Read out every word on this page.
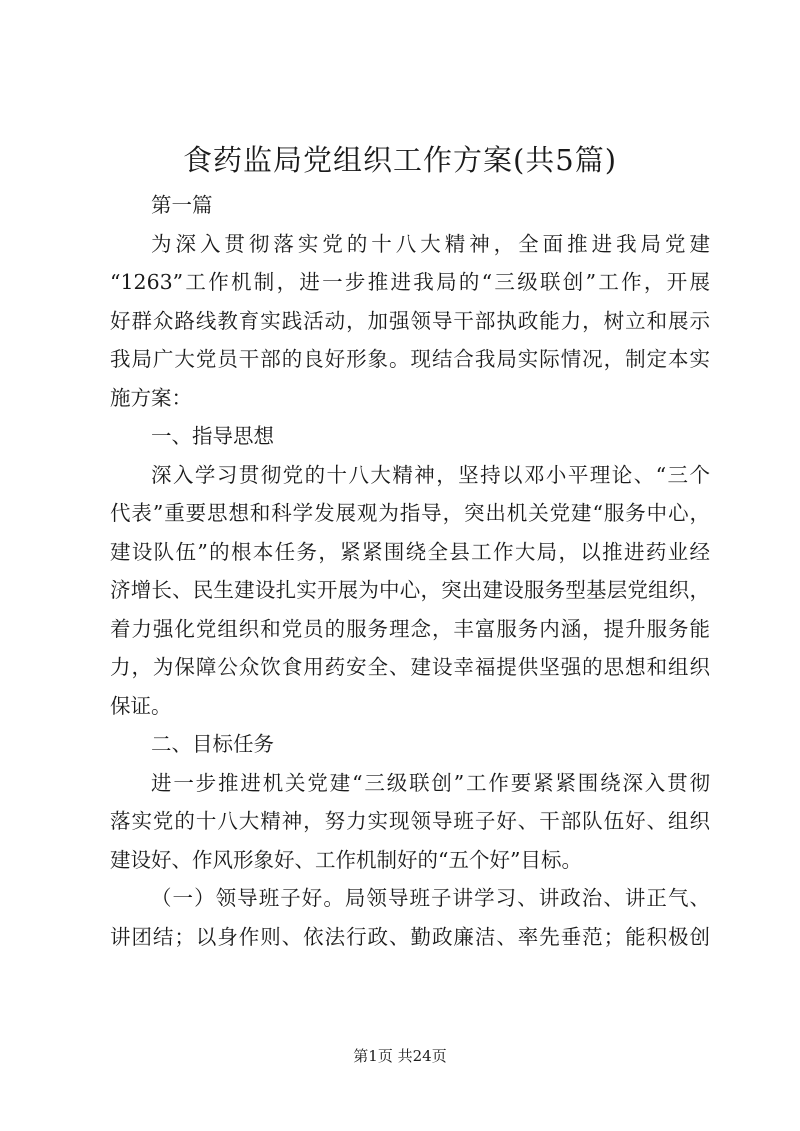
食药监局党组织工作方案(共5篇)
第一篇
为深入贯彻落实党的十八大精神，全面推进我局党建
“1263”工作机制，进一步推进我局的“三级联创”工作，开展
好群众路线教育实践活动，加强领导干部执政能力，树立和展示
我局广大党员干部的良好形象。现结合我局实际情况，制定本实
施方案：
一、指导思想
深入学习贯彻党的十八大精神，坚持以邓小平理论、“三个
代表”重要思想和科学发展观为指导，突出机关党建“服务中心，
建设队伍”的根本任务，紧紧围绕全县工作大局，以推进药业经
济增长、民生建设扎实开展为中心，突出建设服务型基层党组织，
着力强化党组织和党员的服务理念，丰富服务内涵，提升服务能
力，为保障公众饮食用药安全、建设幸福提供坚强的思想和组织
保证。
二、目标任务
进一步推进机关党建“三级联创”工作要紧紧围绕深入贯彻
落实党的十八大精神，努力实现领导班子好、干部队伍好、组织
建设好、作风形象好、工作机制好的“五个好”目标。
（一）领导班子好。局领导班子讲学习、讲政治、讲正气、
讲团结；以身作则、依法行政、勤政廉洁、率先垂范；能积极创
第1页 共24页
